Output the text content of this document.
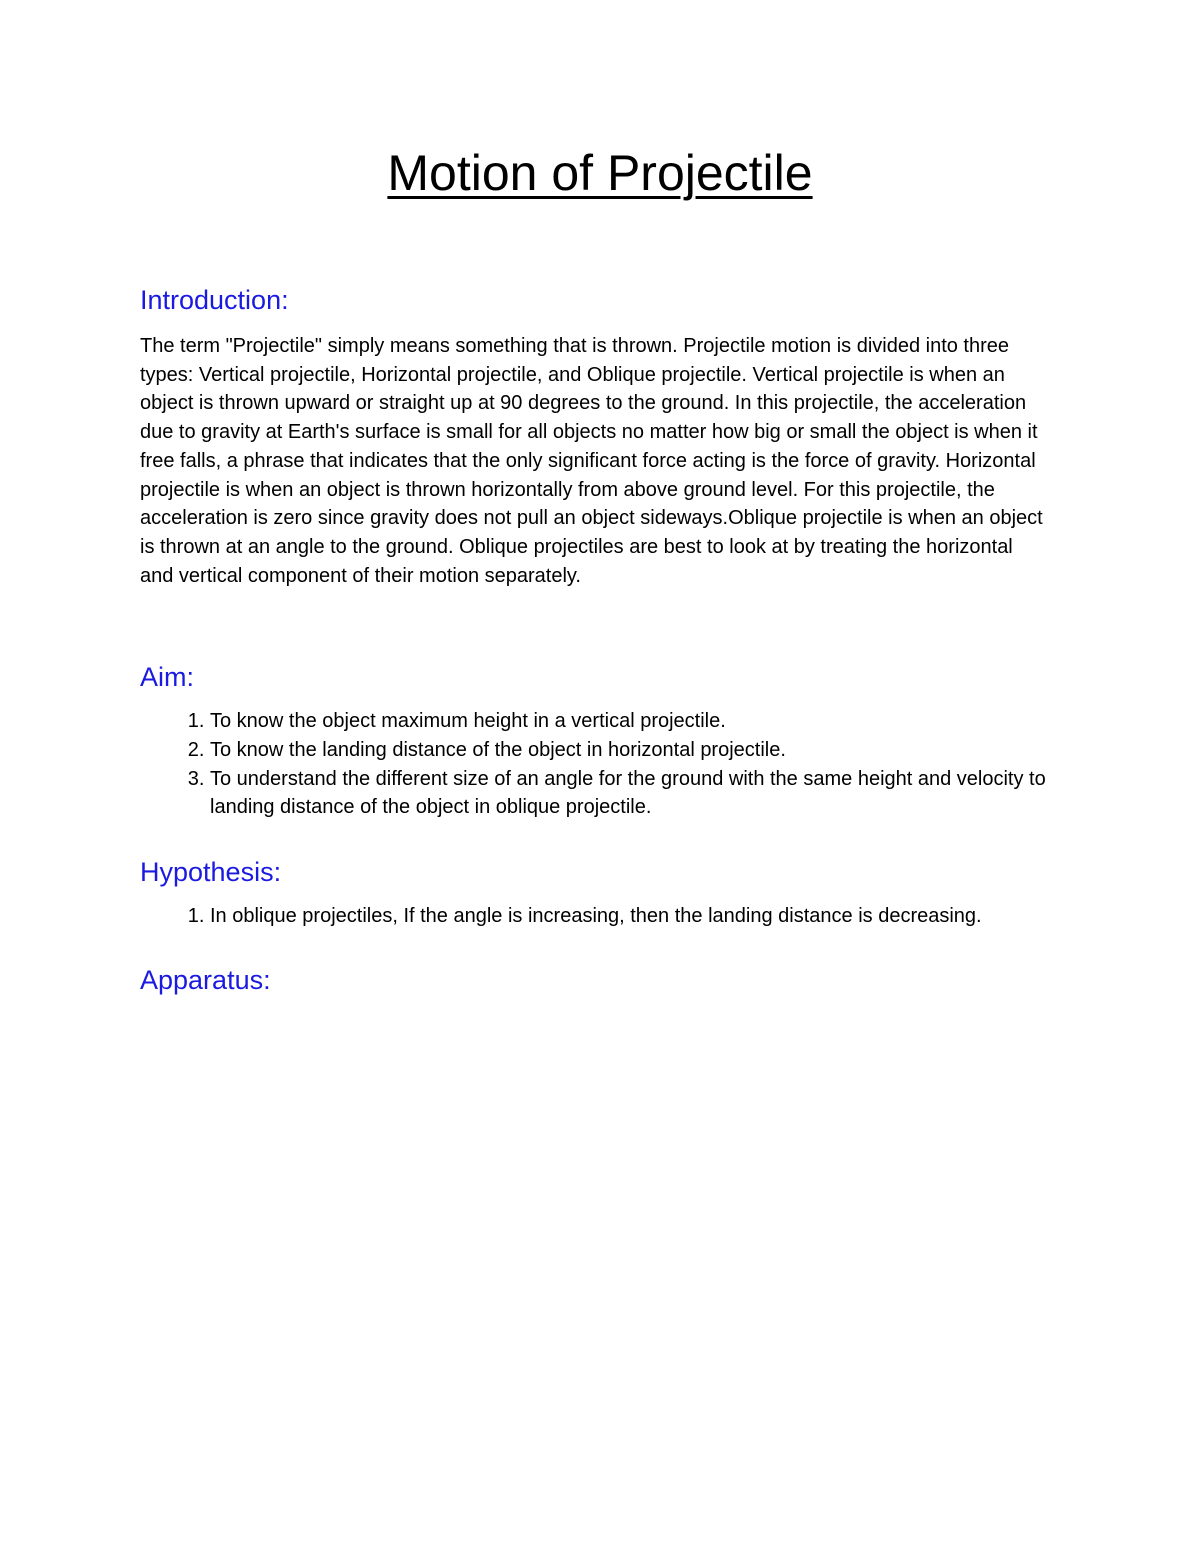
Motion of Projectile
Introduction:

The term "Projectile" simply means something that is thrown. Projectile motion is divided into three types: Vertical projectile, Horizontal projectile, and Oblique projectile. Vertical projectile is when an object is thrown upward or straight up at 90 degrees to the ground. In this projectile, the acceleration due to gravity at Earth's surface is small for all objects no matter how big or small the object is when it free falls, a phrase that indicates that the only significant force acting is the force of gravity. Horizontal projectile is when an object is thrown horizontally from above ground level. For this projectile, the acceleration is zero since gravity does not pull an object sideways.Oblique projectile is when an object is thrown at an angle to the ground. Oblique projectiles are best to look at by treating the horizontal and vertical component of their motion separately.

Aim:
1. To know the object maximum height in a vertical projectile.
2. To know the landing distance of the object in horizontal projectile.
3. To understand the different size of an angle for the ground with the same height and velocity to landing distance of the object in oblique projectile.
Hypothesis:
1. In oblique projectiles, If the angle is increasing, then the landing distance is decreasing.
Apparatus:
